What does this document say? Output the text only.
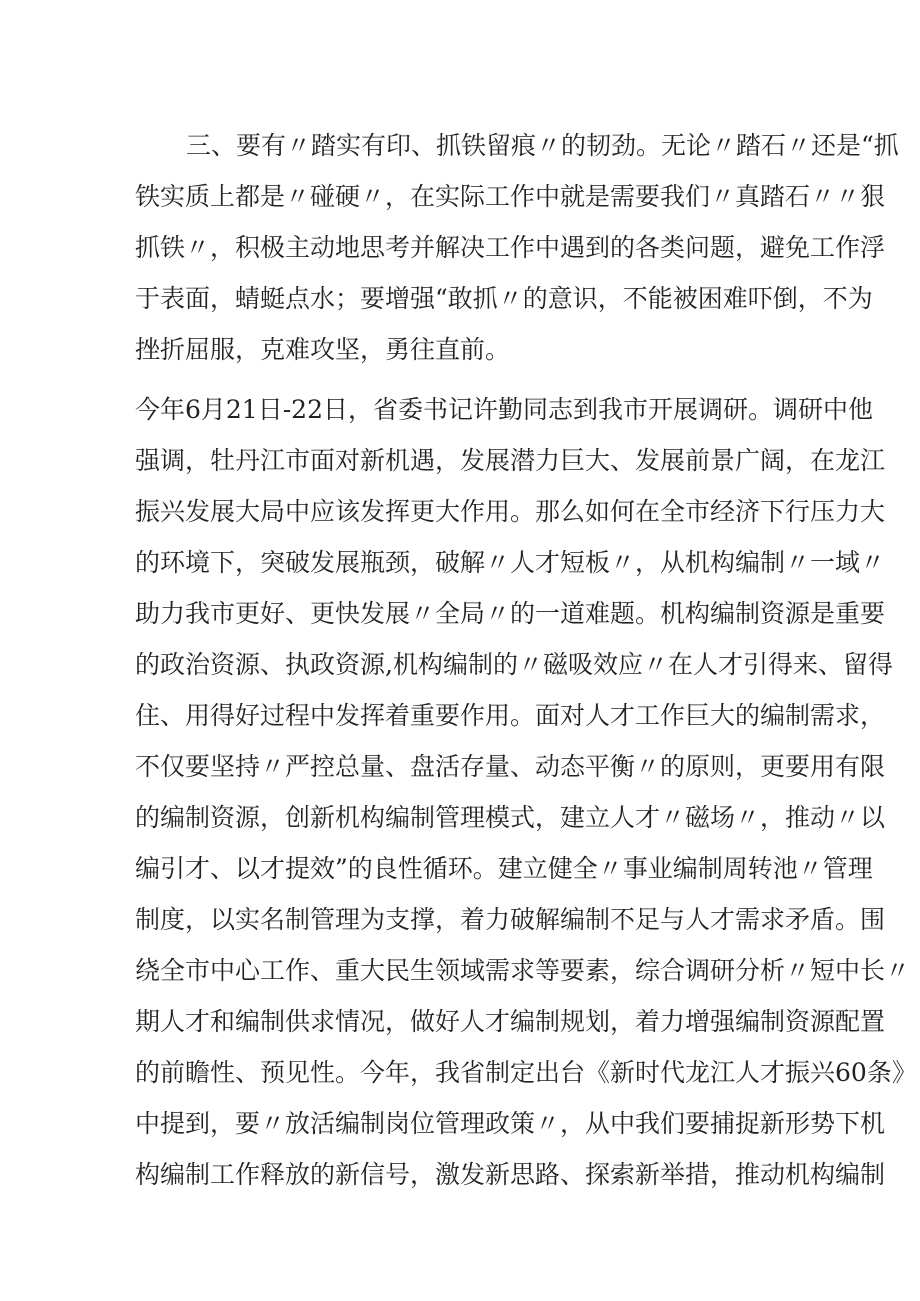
三、要有〃踏实有印、抓铁留痕〃的韧劲。无论〃踏石〃还是“抓
铁实质上都是〃碰硬〃，在实际工作中就是需要我们〃真踏石〃〃狠
抓铁〃，积极主动地思考并解决工作中遇到的各类问题，避免工作浮
于表面，蜻蜓点水；要增强“敢抓〃的意识，不能被困难吓倒，不为
挫折屈服，克难攻坚，勇往直前。
今年6月21日-22日，省委书记许勤同志到我市开展调研。调研中他
强调，牡丹江市面对新机遇，发展潜力巨大、发展前景广阔，在龙江
振兴发展大局中应该发挥更大作用。那么如何在全市经济下行压力大
的环境下，突破发展瓶颈，破解〃人才短板〃，从机构编制〃一域〃
助力我市更好、更快发展〃全局〃的一道难题。机构编制资源是重要
的政治资源、执政资源,机构编制的〃磁吸效应〃在人才引得来、留得
住、用得好过程中发挥着重要作用。面对人才工作巨大的编制需求，
不仅要坚持〃严控总量、盘活存量、动态平衡〃的原则，更要用有限
的编制资源，创新机构编制管理模式，建立人才〃磁场〃，推动〃以
编引才、以才提效”的良性循环。建立健全〃事业编制周转池〃管理
制度，以实名制管理为支撑，着力破解编制不足与人才需求矛盾。围
绕全市中心工作、重大民生领域需求等要素，综合调研分析〃短中长〃
期人才和编制供求情况，做好人才编制规划，着力增强编制资源配置
的前瞻性、预见性。今年，我省制定出台《新时代龙江人才振兴60条》
中提到，要〃放活编制岗位管理政策〃，从中我们要捕捉新形势下机
构编制工作释放的新信号，激发新思路、探索新举措，推动机构编制
